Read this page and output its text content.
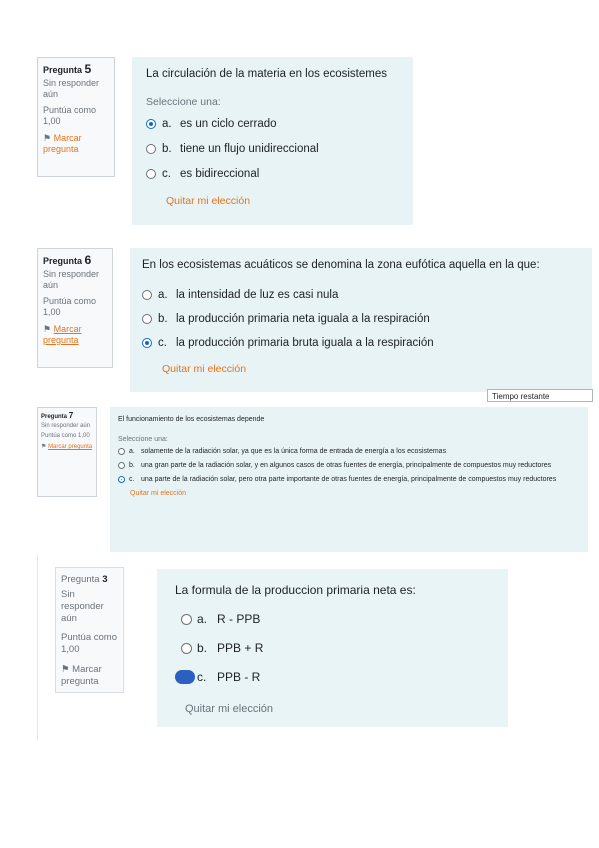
Pregunta 5
Sin responder aún
Puntúa como 1,00
⚑ Marcar pregunta
La circulación de la materia en los ecosistemes
Seleccione una:
a. es un ciclo cerrado
b. tiene un flujo unidireccional
c. es bidireccional
Quitar mi elección
Pregunta 6
Sin responder aún
Puntúa como 1,00
⚑ Marcar pregunta
En los ecosistemas acuáticos se denomina la zona eufótica aquella en la que:
a. la intensidad de luz es casi nula
b. la producción primaria neta iguala a la respiración
c. la producción primaria bruta iguala a la respiración
Quitar mi elección
Tiempo restante
Pregunta 7
Sin responder aún
Puntúa como 1,00
⚑ Marcar pregunta
El funcionamiento de los ecosistemas depende
Seleccione una:
a. solamente de la radiación solar, ya que es la única forma de entrada de energía a los ecosistemas
b. una gran parte de la radiación solar, y en algunos casos de otras fuentes de energía, principalmente de compuestos muy reductores
c. una parte de la radiación solar, pero otra parte importante de otras fuentes de energía, principalmente de compuestos muy reductores
Quitar mi elección
Pregunta 3
Sin responder aún
Puntúa como 1,00
⚑ Marcar pregunta
La formula de la produccion primaria neta es:
a. R - PPB
b. PPB + R
c. PPB - R
Quitar mi elección
